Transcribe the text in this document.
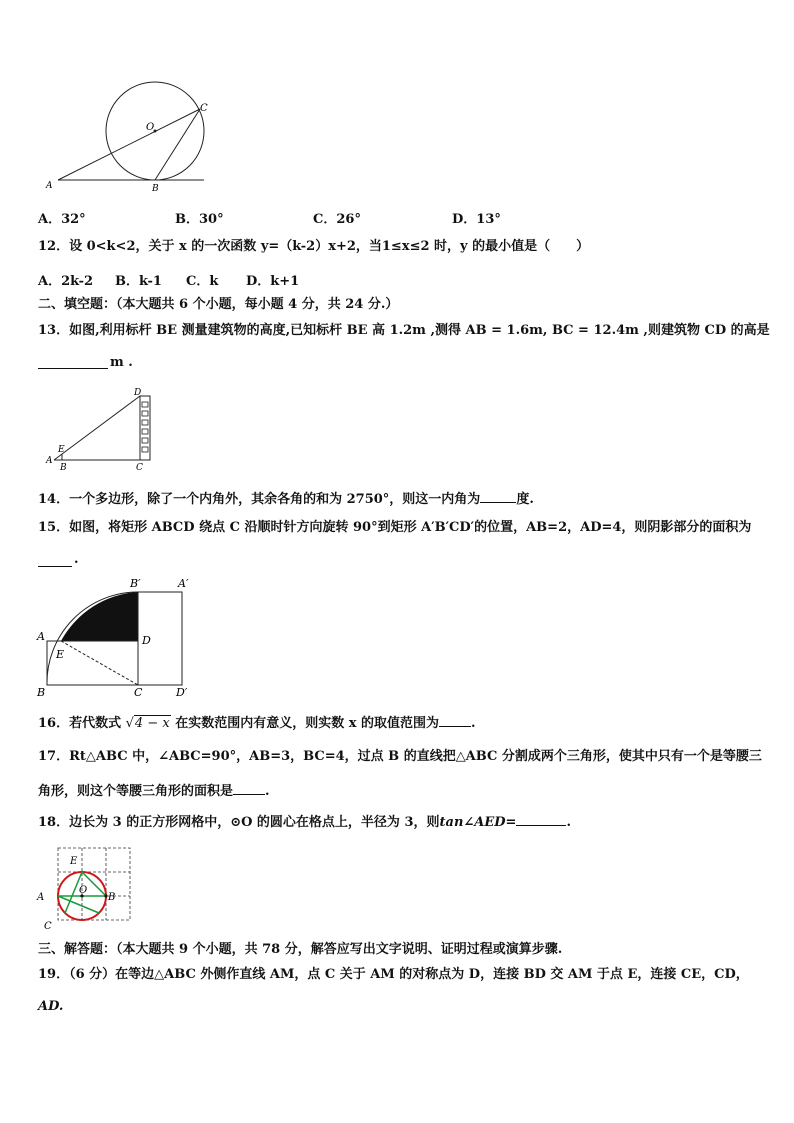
O
C
A	B
A．32°	B．30°	C．26°	D．13°
12．设 0<k<2，关于 x 的一次函数 y=（k-2）x+2，当1≤x≤2 时，y 的最小值是（　　）
A．2k-2 B．k-1 C．k D．k+1
二、填空题：（本大题共 6 个小题，每小题 4 分，共 24 分.）
13．如图,利用标杆 BE 测量建筑物的高度,已知标杆 BE 高 1.2m ,测得 AB = 1.6m, BC = 12.4m ,则建筑物 CD 的高是
m .
D
E
A
B	C
14．一个多边形，除了一个内角外，其余各角的和为 2750°，则这一内角为	度.
15．如图，将矩形 ABCD 绕点 C 沿顺时针方向旋转 90°到矩形 A′B′CD′的位置，AB=2，AD=4，则阴影部分的面积为
.
B′	A′
A	D
E
B	C	D′
16．若代数式 √4 − x 在实数范围内有意义，则实数 x 的取值范围为 .
17．Rt△ABC 中，∠ABC=90°，AB=3，BC=4，过点 B 的直线把△ABC 分割成两个三角形，使其中只有一个是等腰三
角形，则这个等腰三角形的面积是 .
18．边长为 3 的正方形网格中，⊙O 的圆心在格点上，半径为 3，则tan∠AED=	.
E
O
A	B
C
三、解答题：（本大题共 9 个小题，共 78 分，解答应写出文字说明、证明过程或演算步骤.
19．（6 分）在等边△ABC 外侧作直线 AM，点 C 关于 AM 的对称点为 D，连接 BD 交 AM 于点 E，连接 CE，CD，
AD.
